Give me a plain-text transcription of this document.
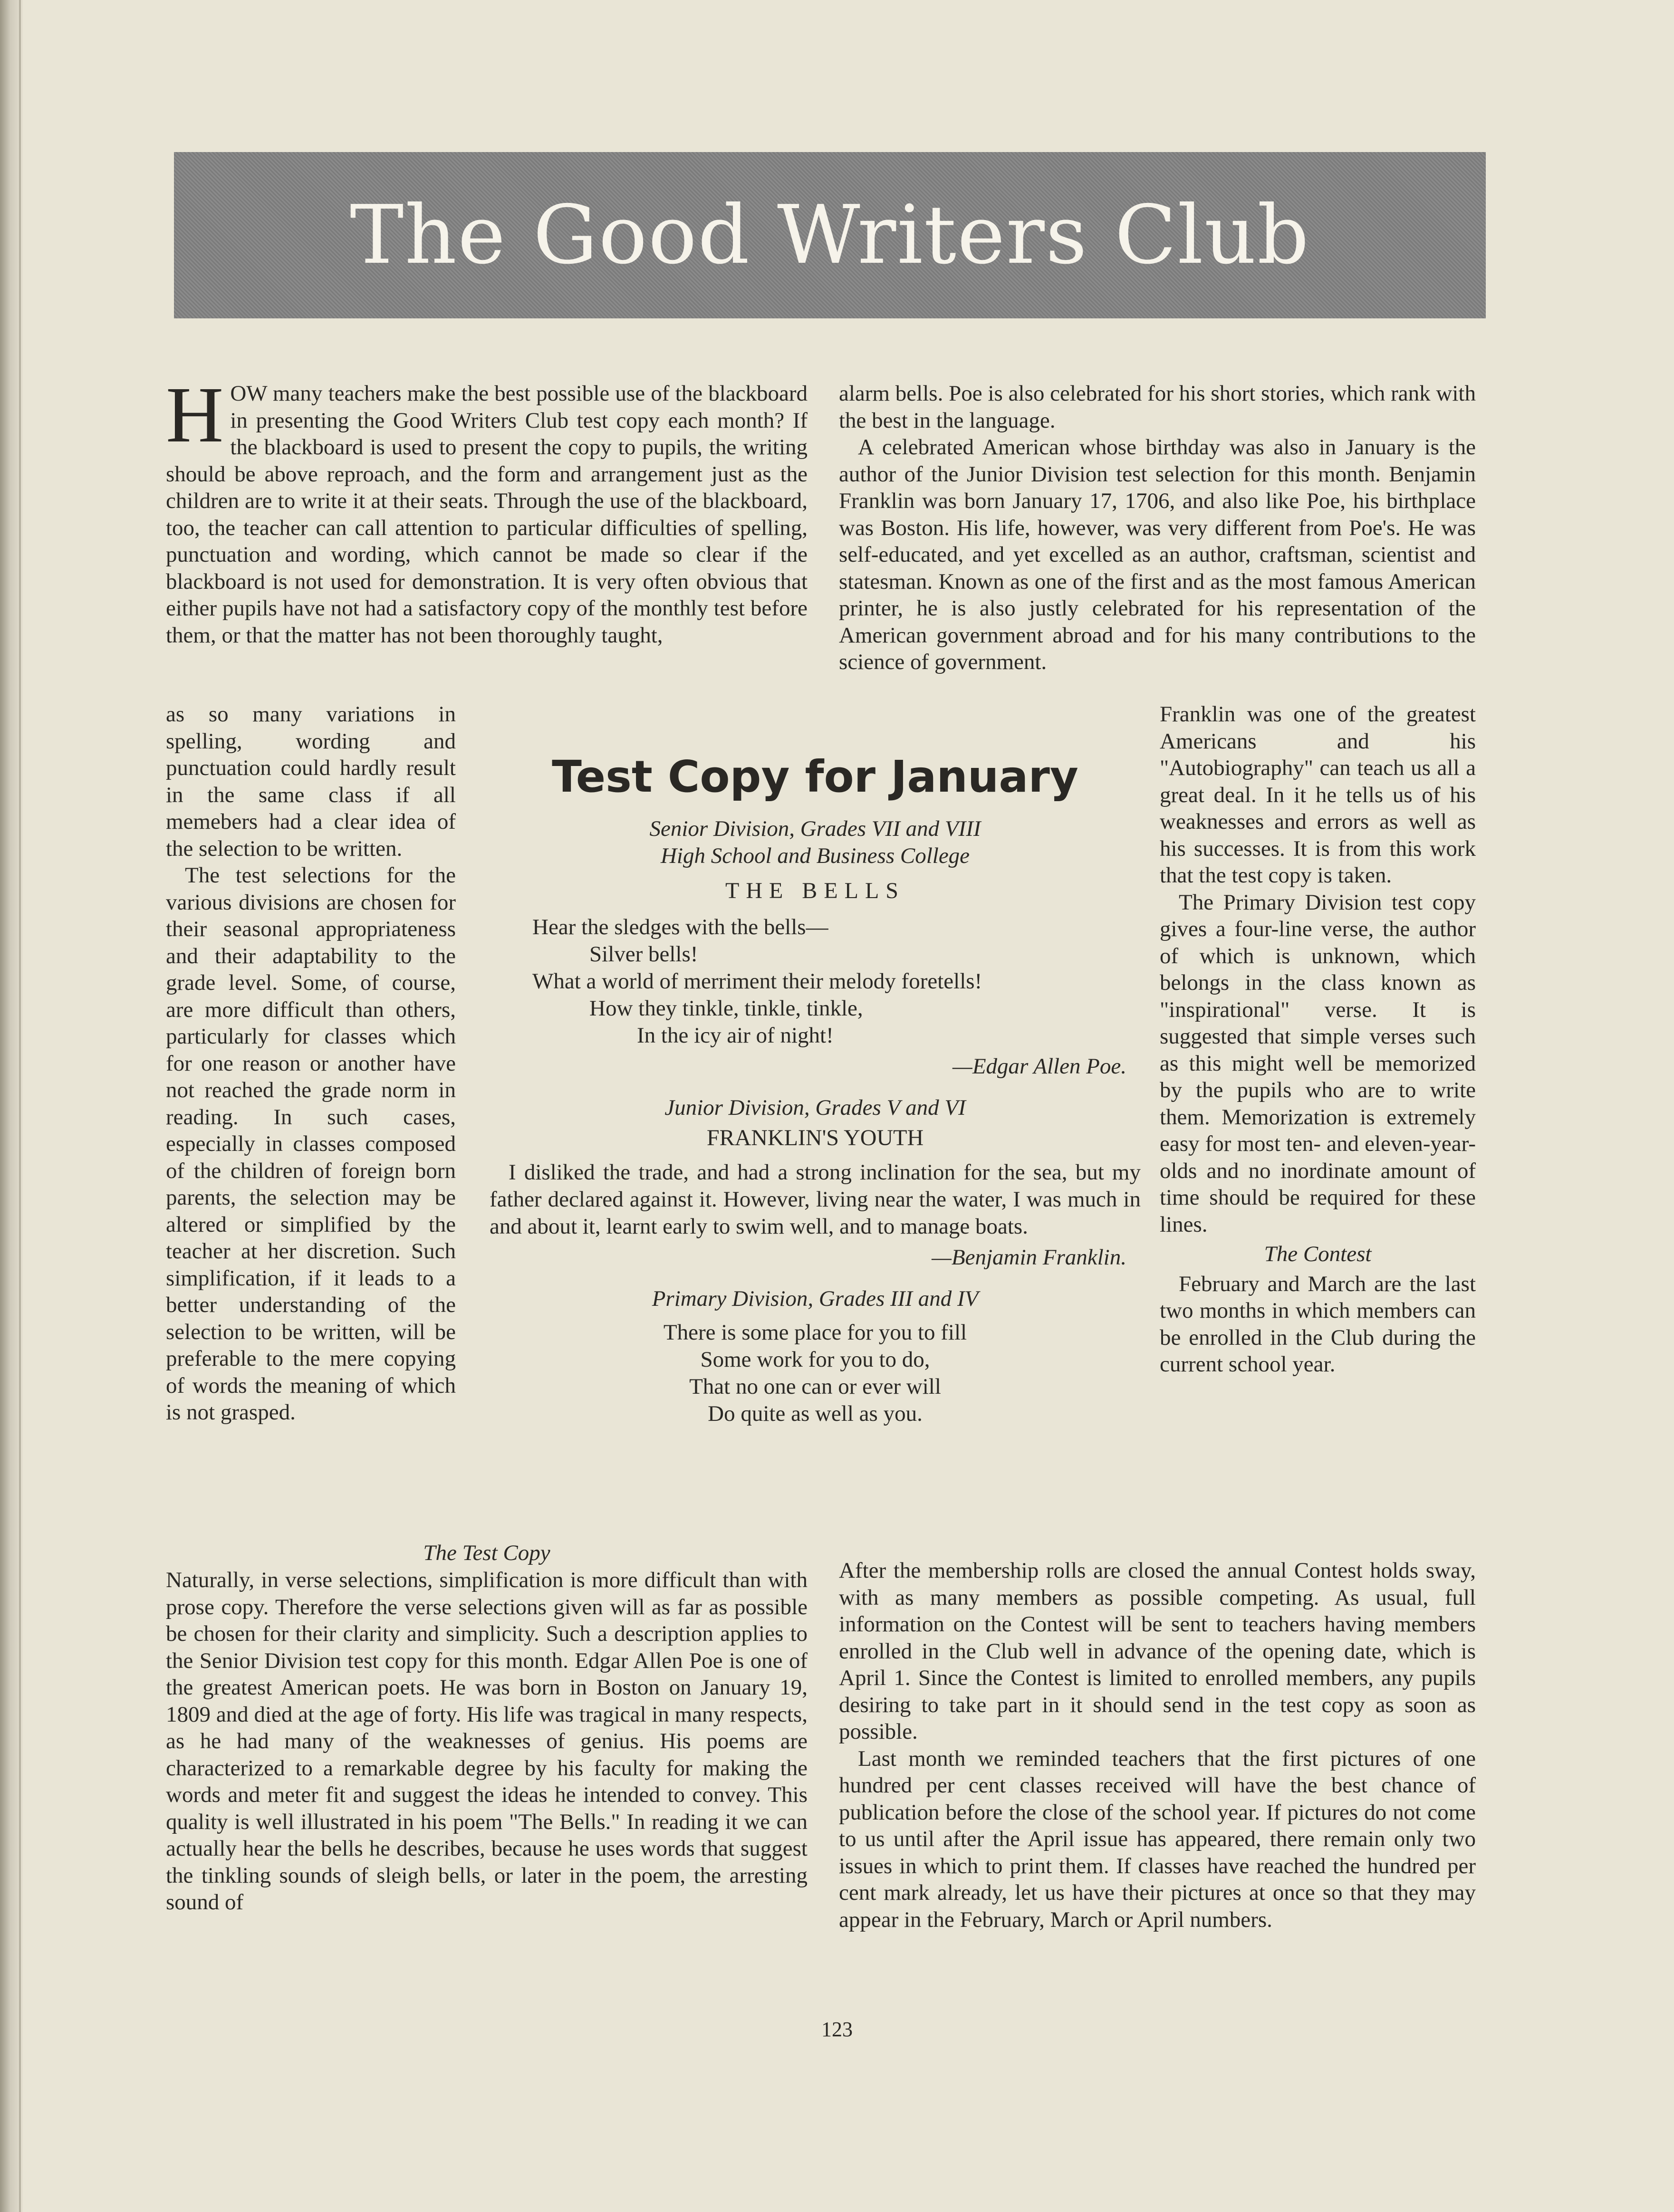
The Good Writers Club

HOW many teachers make the best possible use of the blackboard in presenting the Good Writers Club test copy each month? If the blackboard is used to present the copy to pupils, the writing should be above reproach, and the form and arrangement just as the children are to write it at their seats. Through the use of the blackboard, too, the teacher can call attention to particular difficulties of spelling, punctuation and wording, which cannot be made so clear if the blackboard is not used for demonstration. It is very often obvious that either pupils have not had a satisfactory copy of the monthly test before them, or that the matter has not been thoroughly taught,

as so many variations in spelling, wording and punctuation could hardly result in the same class if all memebers had a clear idea of the selection to be written.

The test selections for the various divisions are chosen for their seasonal appropriateness and their adaptability to the grade level. Some, of course, are more difficult than others, particularly for classes which for one reason or another have not reached the grade norm in reading. In such cases, especially in classes composed of the children of foreign born parents, the selection may be altered or simplified by the teacher at her discretion. Such simplification, if it leads to a better understanding of the selection to be written, will be preferable to the mere copying of words the meaning of which is not grasped.

The Test Copy

Naturally, in verse selections, simplification is more difficult than with prose copy. Therefore the verse selections given will as far as possible be chosen for their clarity and simplicity. Such a description applies to the Senior Division test copy for this month. Edgar Allen Poe is one of the greatest American poets. He was born in Boston on January 19, 1809 and died at the age of forty. His life was tragical in many respects, as he had many of the weaknesses of genius. His poems are characterized to a remarkable degree by his faculty for making the words and meter fit and suggest the ideas he intended to convey. This quality is well illustrated in his poem "The Bells." In reading it we can actually hear the bells he describes, because he uses words that suggest the tinkling sounds of sleigh bells, or later in the poem, the arresting sound of

alarm bells. Poe is also celebrated for his short stories, which rank with the best in the language.

A celebrated American whose birthday was also in January is the author of the Junior Division test selection for this month. Benjamin Franklin was born January 17, 1706, and also like Poe, his birthplace was Boston. His life, however, was very different from Poe's. He was self-educated, and yet excelled as an author, craftsman, scientist and statesman. Known as one of the first and as the most famous American printer, he is also justly celebrated for his representation of the American government abroad and for his many contributions to the science of government.

Franklin was one of the greatest Americans and his "Autobiography" can teach us all a great deal. In it he tells us of his weaknesses and errors as well as his successes. It is from this work that the test copy is taken.

The Primary Division test copy gives a four-line verse, the author of which is unknown, which belongs in the class known as "inspirational" verse. It is suggested that simple verses such as this might well be memorized by the pupils who are to write them. Memorization is extremely easy for most ten- and eleven-year-olds and no inordinate amount of time should be required for these lines.

The Contest

February and March are the last two months in which members can be enrolled in the Club during the current school year.

After the membership rolls are closed the annual Contest holds sway, with as many members as possible competing. As usual, full information on the Contest will be sent to teachers having members enrolled in the Club well in advance of the opening date, which is April 1. Since the Contest is limited to enrolled members, any pupils desiring to take part in it should send in the test copy as soon as possible.

Last month we reminded teachers that the first pictures of one hundred per cent classes received will have the best chance of publication before the close of the school year. If pictures do not come to us until after the April issue has appeared, there remain only two issues in which to print them. If classes have reached the hundred per cent mark already, let us have their pictures at once so that they may appear in the February, March or April numbers.

Test Copy for January
Senior Division, Grades VII and VIII
High School and Business College
THE BELLS
Hear the sledges with the bells—
Silver bells!
What a world of merriment their melody foretells!
How they tinkle, tinkle, tinkle,
In the icy air of night!
—Edgar Allen Poe.
Junior Division, Grades V and VI
FRANKLIN'S YOUTH

I disliked the trade, and had a strong inclination for the sea, but my father declared against it. However, living near the water, I was much in and about it, learnt early to swim well, and to manage boats.

—Benjamin Franklin.
Primary Division, Grades III and IV
There is some place for you to fill
Some work for you to do,
That no one can or ever will
Do quite as well as you.
123
